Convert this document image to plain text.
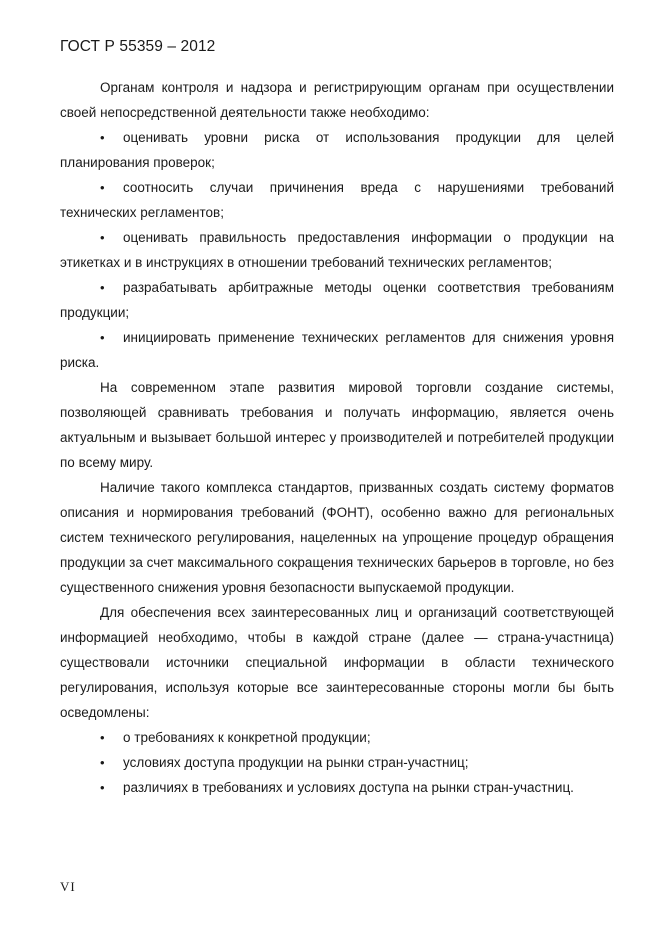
ГОСТ Р 55359 – 2012

Органам контроля и надзора и регистрирующим органам при осуществлении своей непосредственной деятельности также необходимо:

• оценивать уровни риска от использования продукции для целей планирования проверок;

• соотносить случаи причинения вреда с нарушениями требований технических регламентов;

• оценивать правильность предоставления информации о продукции на этикетках и в инструкциях в отношении требований технических регламентов;

• разрабатывать арбитражные методы оценки соответствия требованиям продукции;

• инициировать применение технических регламентов для снижения уровня риска.

На современном этапе развития мировой торговли создание системы, позволяющей сравнивать требования и получать информацию, является очень актуальным и вызывает большой интерес у производителей и потребителей продукции по всему миру.

Наличие такого комплекса стандартов, призванных создать систему форматов описания и нормирования требований (ФОНТ), особенно важно для региональных систем технического регулирования, нацеленных на упрощение процедур обращения продукции за счет максимального сокращения технических барьеров в торговле, но без существенного снижения уровня безопасности выпускаемой продукции.

Для обеспечения всех заинтересованных лиц и организаций соответствующей информацией необходимо, чтобы в каждой стране (далее — страна-участница) существовали источники специальной информации в области технического регулирования, используя которые все заинтересованные стороны могли бы быть осведомлены:

• о требованиях к конкретной продукции;

• условиях доступа продукции на рынки стран-участниц;

• различиях в требованиях и условиях доступа на рынки стран-участниц.

VI
